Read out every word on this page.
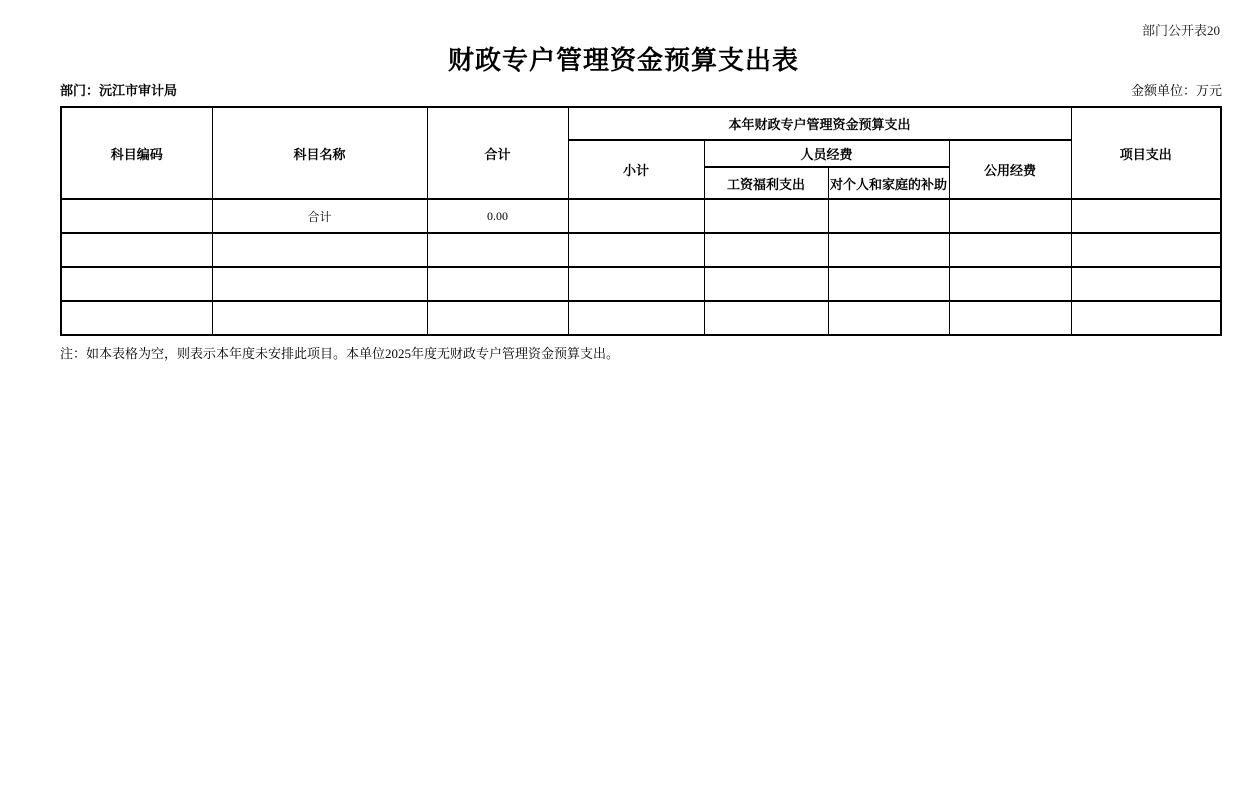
部门公开表20
财政专户管理资金预算支出表
部门：沅江市审计局	金额单位：万元
科目编码	科目名称	合计	本年财政专户管理资金预算支出				项目支出
			小计	人员经费		公用经费	
				工资福利支出	对个人和家庭的补助		
	合计	0.00					

注：如本表格为空，则表示本年度未安排此项目。本单位2025年度无财政专户管理资金预算支出。
